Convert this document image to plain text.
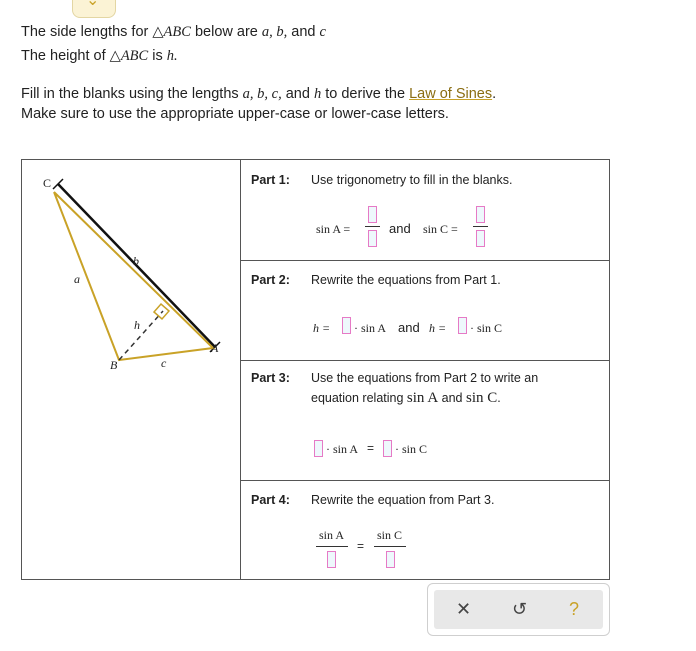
⌄
The side lengths for △ABC below are a, b, and c
The height of △ABC is h.
Fill in the blanks using the lengths a, b, c, and h to derive the Law of Sines.
Make sure to use the appropriate upper-case or lower-case letters.
C
A
B
a
b
c
h
Part 1: Use trigonometry to fill in the blanks.
sin A =	and sin C =
Part 2: Rewrite the equations from Part 1.
h = · sin A and h = · sin C
Part 3: Use the equations from Part 2 to write an
equation relating sin A and sin C.
· sin A = · sin C
Part 4: Rewrite the equation from Part 3.
sin A
=
sin C
✕ ↺ ?
